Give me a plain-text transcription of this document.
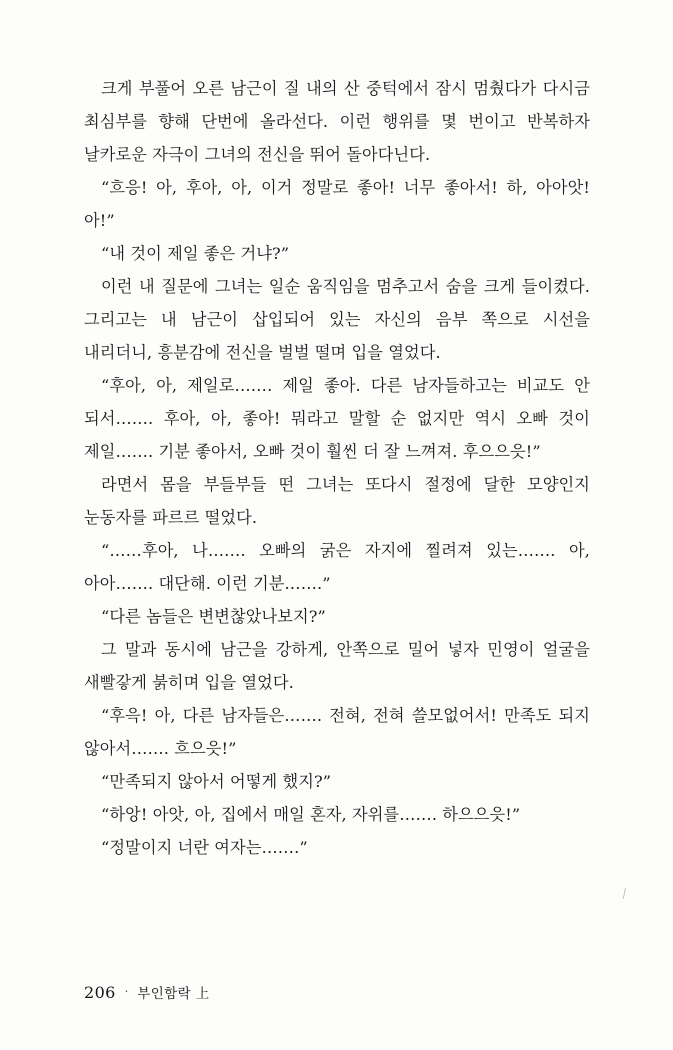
크게 부풀어 오른 남근이 질 내의 산 중턱에서 잠시 멈췄다가 다시금 최심부를 향해 단번에 올라선다. 이런 행위를 몇 번이고 반복하자 날카로운 자극이 그녀의 전신을 뛰어 돌아다닌다.

“흐응! 아, 후아, 아, 이거 정말로 좋아! 너무 좋아서! 하, 아아앗! 아!”

“내 것이 제일 좋은 거냐?”

이런 내 질문에 그녀는 일순 움직임을 멈추고서 숨을 크게 들이켰다. 그리고는 내 남근이 삽입되어 있는 자신의 음부 쪽으로 시선을 내리더니, 흥분감에 전신을 벌벌 떨며 입을 열었다.

“후아, 아, 제일로……. 제일 좋아. 다른 남자들하고는 비교도 안 되서……. 후아, 아, 좋아! 뭐라고 말할 순 없지만 역시 오빠 것이 제일……. 기분 좋아서, 오빠 것이 훨씬 더 잘 느껴져. 후으으읏!”

라면서 몸을 부들부들 떤 그녀는 또다시 절정에 달한 모양인지 눈동자를 파르르 떨었다.

“……후아, 나……. 오빠의 굵은 자지에 찔려져 있는……. 아, 아아……. 대단해. 이런 기분…….”

“다른 놈들은 변변찮았나보지?”

그 말과 동시에 남근을 강하게, 안쪽으로 밀어 넣자 민영이 얼굴을 새빨갛게 붉히며 입을 열었다.

“후윽! 아, 다른 남자들은……. 전혀, 전혀 쓸모없어서! 만족도 되지 않아서……. 흐으읏!”

“만족되지 않아서 어떻게 했지?”

“하앙! 아앗, 아, 집에서 매일 혼자, 자위를……. 하으으읏!”

“정말이지 너란 여자는…….”

206 · 부인함락 上
